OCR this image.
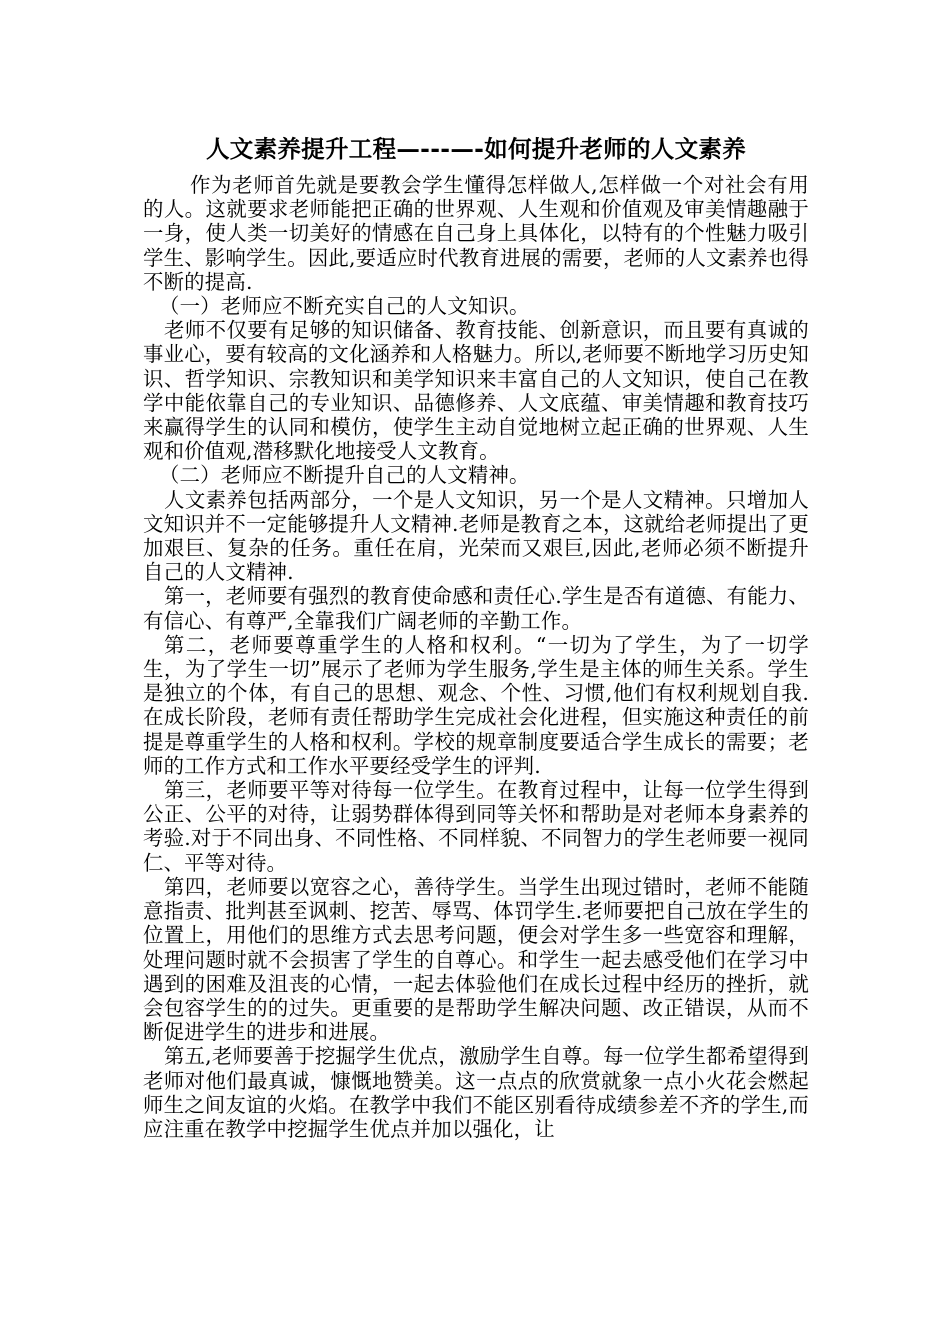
人文素养提升工程—---—-如何提升老师的人文素养

作为老师首先就是要教会学生懂得怎样做人,怎样做一个对社会有用的人。这就要求老师能把正确的世界观、人生观和价值观及审美情趣融于一身，使人类一切美好的情感在自己身上具体化，以特有的个性魅力吸引学生、影响学生。因此,要适应时代教育进展的需要，老师的人文素养也得不断的提高.

（一）老师应不断充实自己的人文知识。

老师不仅要有足够的知识储备、教育技能、创新意识，而且要有真诚的事业心，要有较高的文化涵养和人格魅力。所以,老师要不断地学习历史知识、哲学知识、宗教知识和美学知识来丰富自己的人文知识，使自己在教学中能依靠自己的专业知识、品德修养、人文底蕴、审美情趣和教育技巧来赢得学生的认同和模仿，使学生主动自觉地树立起正确的世界观、人生观和价值观,潜移默化地接受人文教育。

（二）老师应不断提升自己的人文精神。

人文素养包括两部分，一个是人文知识，另一个是人文精神。只增加人文知识并不一定能够提升人文精神.老师是教育之本，这就给老师提出了更加艰巨、复杂的任务。重任在肩，光荣而又艰巨,因此,老师必须不断提升自己的人文精神.

第一，老师要有强烈的教育使命感和责任心.学生是否有道德、有能力、有信心、有尊严,全靠我们广阔老师的辛勤工作。

第二，老师要尊重学生的人格和权利。“一切为了学生，为了一切学生，为了学生一切”展示了老师为学生服务,学生是主体的师生关系。学生是独立的个体，有自己的思想、观念、个性、习惯,他们有权利规划自我.在成长阶段，老师有责任帮助学生完成社会化进程，但实施这种责任的前提是尊重学生的人格和权利。学校的规章制度要适合学生成长的需要；老师的工作方式和工作水平要经受学生的评判.

第三，老师要平等对待每一位学生。在教育过程中，让每一位学生得到公正、公平的对待，让弱势群体得到同等关怀和帮助是对老师本身素养的考验.对于不同出身、不同性格、不同样貌、不同智力的学生老师要一视同仁、平等对待。

第四，老师要以宽容之心，善待学生。当学生出现过错时，老师不能随意指责、批判甚至讽刺、挖苦、辱骂、体罚学生.老师要把自己放在学生的位置上，用他们的思维方式去思考问题，便会对学生多一些宽容和理解，处理问题时就不会损害了学生的自尊心。和学生一起去感受他们在学习中遇到的困难及沮丧的心情，一起去体验他们在成长过程中经历的挫折，就会包容学生的的过失。更重要的是帮助学生解决问题、改正错误，从而不断促进学生的进步和进展。

第五,老师要善于挖掘学生优点，激励学生自尊。每一位学生都希望得到老师对他们最真诚，慷慨地赞美。这一点点的欣赏就象一点小火花会燃起师生之间友谊的火焰。在教学中我们不能区别看待成绩参差不齐的学生,而应注重在教学中挖掘学生优点并加以强化，让
